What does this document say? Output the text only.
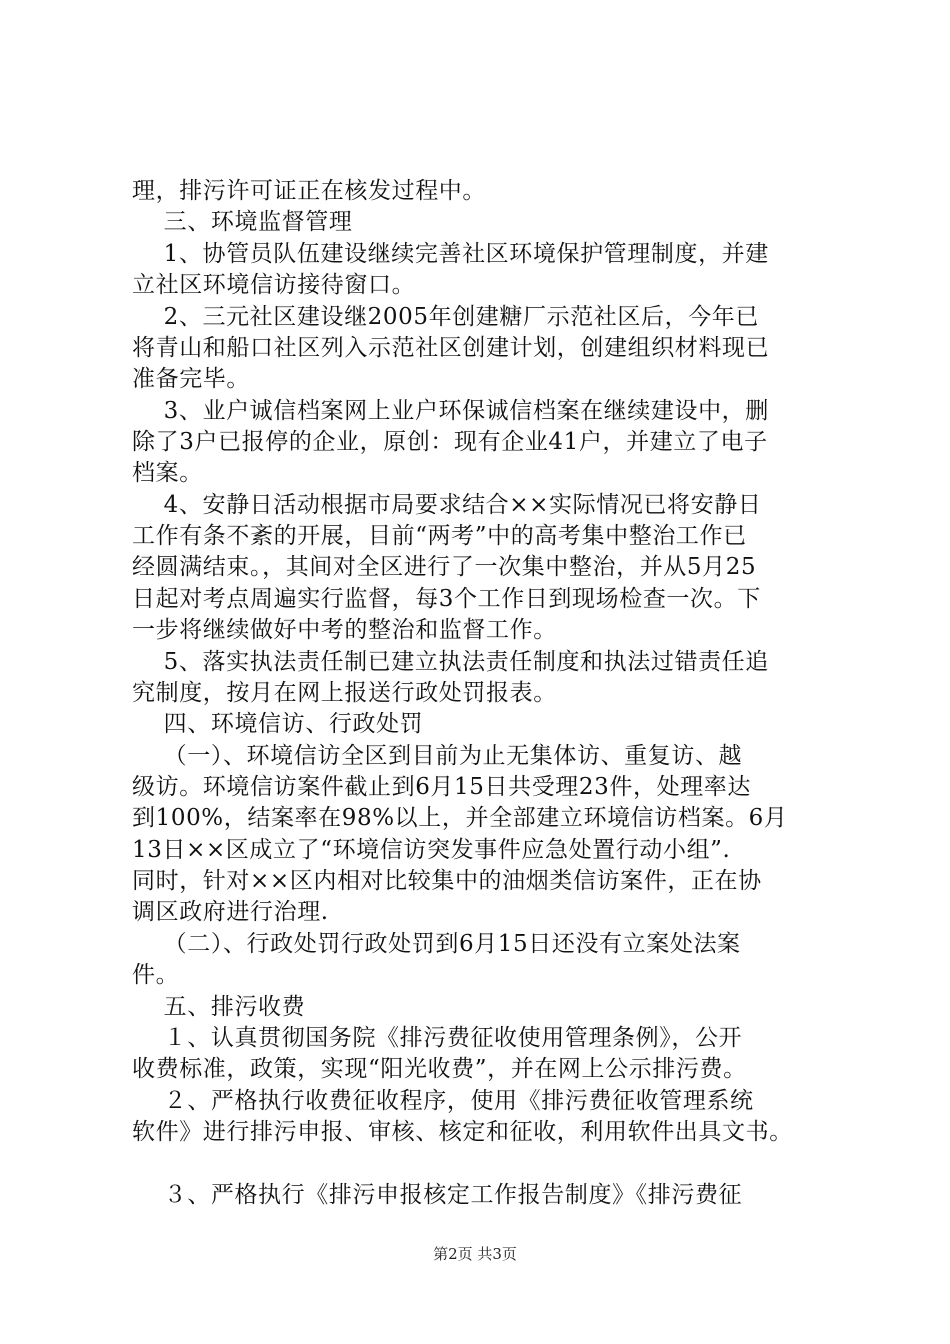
理，排污许可证正在核发过程中。
三、环境监督管理
1、协管员队伍建设继续完善社区环境保护管理制度，并建
立社区环境信访接待窗口。
2、三元社区建设继2005年创建糖厂示范社区后，今年已
将青山和船口社区列入示范社区创建计划，创建组织材料现已
准备完毕。
3、业户诚信档案网上业户环保诚信档案在继续建设中，删
除了3户已报停的企业，原创：现有企业41户，并建立了电子
档案。
4、安静日活动根据市局要求结合××实际情况已将安静日
工作有条不紊的开展，目前“两考”中的高考集中整治工作已
经圆满结束。，其间对全区进行了一次集中整治，并从5月25
日起对考点周遍实行监督，每3个工作日到现场检查一次。下
一步将继续做好中考的整治和监督工作。
5、落实执法责任制已建立执法责任制度和执法过错责任追
究制度，按月在网上报送行政处罚报表。
四、环境信访、行政处罚
（一）、环境信访全区到目前为止无集体访、重复访、越
级访。环境信访案件截止到6月15日共受理23件，处理率达
到100%，结案率在98%以上，并全部建立环境信访档案。6月
13日××区成立了“环境信访突发事件应急处置行动小组”.
同时，针对××区内相对比较集中的油烟类信访案件，正在协
调区政府进行治理.
（二）、行政处罚行政处罚到6月15日还没有立案处法案
件。
五、排污收费
１、认真贯彻国务院《排污费征收使用管理条例》，公开
收费标准，政策，实现“阳光收费”，并在网上公示排污费。
２、严格执行收费征收程序，使用《排污费征收管理系统
软件》进行排污申报、审核、核定和征收，利用软件出具文书。
３、严格执行《排污申报核定工作报告制度》《排污费征
第2页 共3页
